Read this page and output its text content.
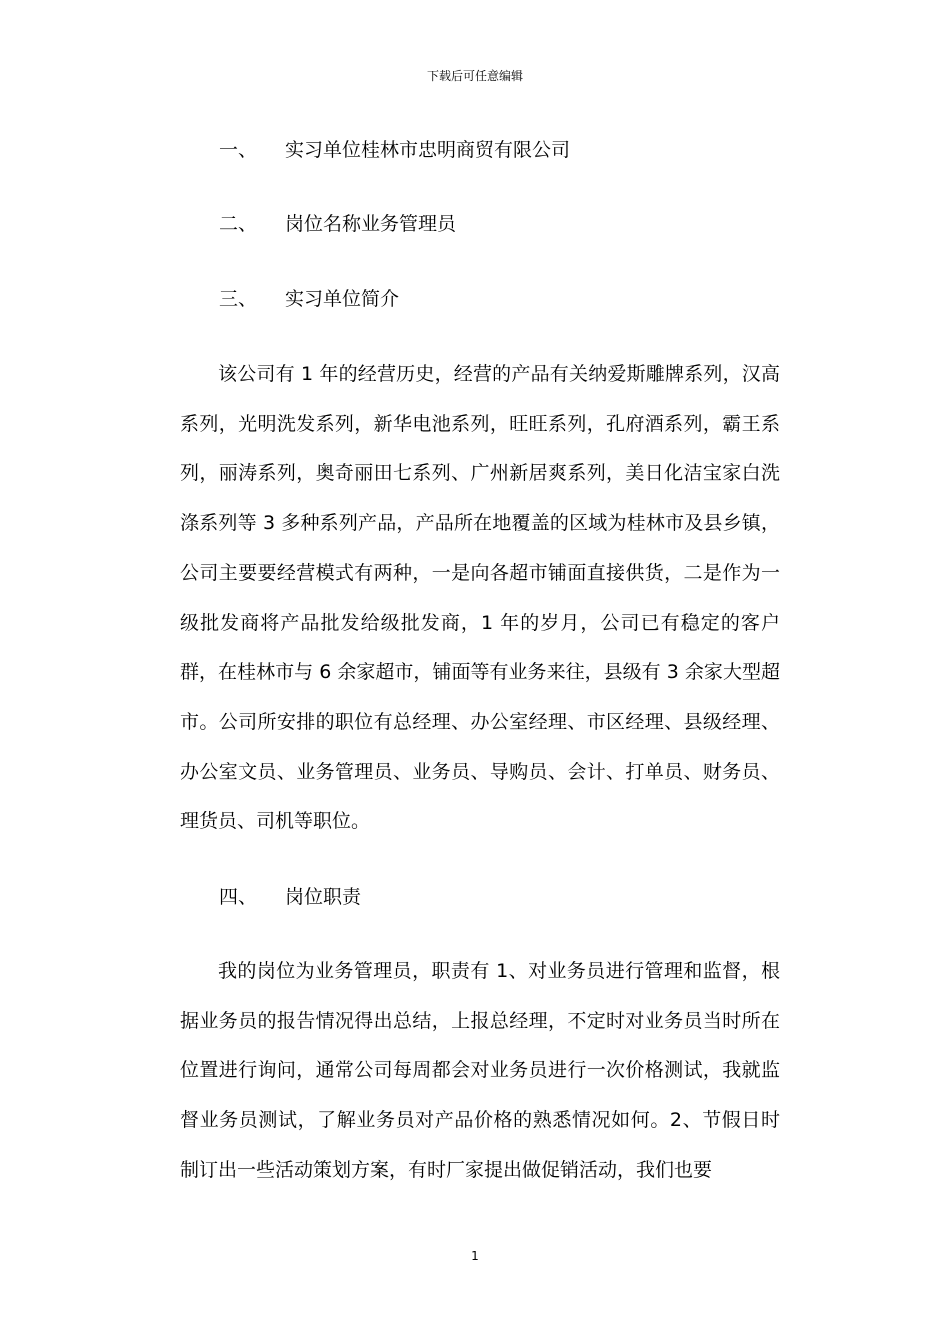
下载后可任意编辑
一、 实习单位桂林市忠明商贸有限公司
二、 岗位名称业务管理员
三、 实习单位简介
该公司有 1 年的经营历史，经营的产品有关纳爱斯雕牌系列，汉高系列，光明洗发系列，新华电池系列，旺旺系列，孔府酒系列，霸王系列，丽涛系列，奥奇丽田七系列、广州新居爽系列，美日化洁宝家白洗涤系列等 3 多种系列产品，产品所在地覆盖的区域为桂林市及县乡镇，公司主要要经营模式有两种，一是向各超市铺面直接供货，二是作为一级批发商将产品批发给级批发商，1 年的岁月，公司已有稳定的客户群，在桂林市与 6 余家超市，铺面等有业务来往，县级有 3 余家大型超市。公司所安排的职位有总经理、办公室经理、市区经理、县级经理、办公室文员、业务管理员、业务员、导购员、会计、打单员、财务员、理货员、司机等职位。
四、 岗位职责
我的岗位为业务管理员，职责有 1、对业务员进行管理和监督，根据业务员的报告情况得出总结，上报总经理，不定时对业务员当时所在位置进行询问，通常公司每周都会对业务员进行一次价格测试，我就监督业务员测试，了解业务员对产品价格的熟悉情况如何。2、节假日时制订出一些活动策划方案，有时厂家提出做促销活动，我们也要
1
